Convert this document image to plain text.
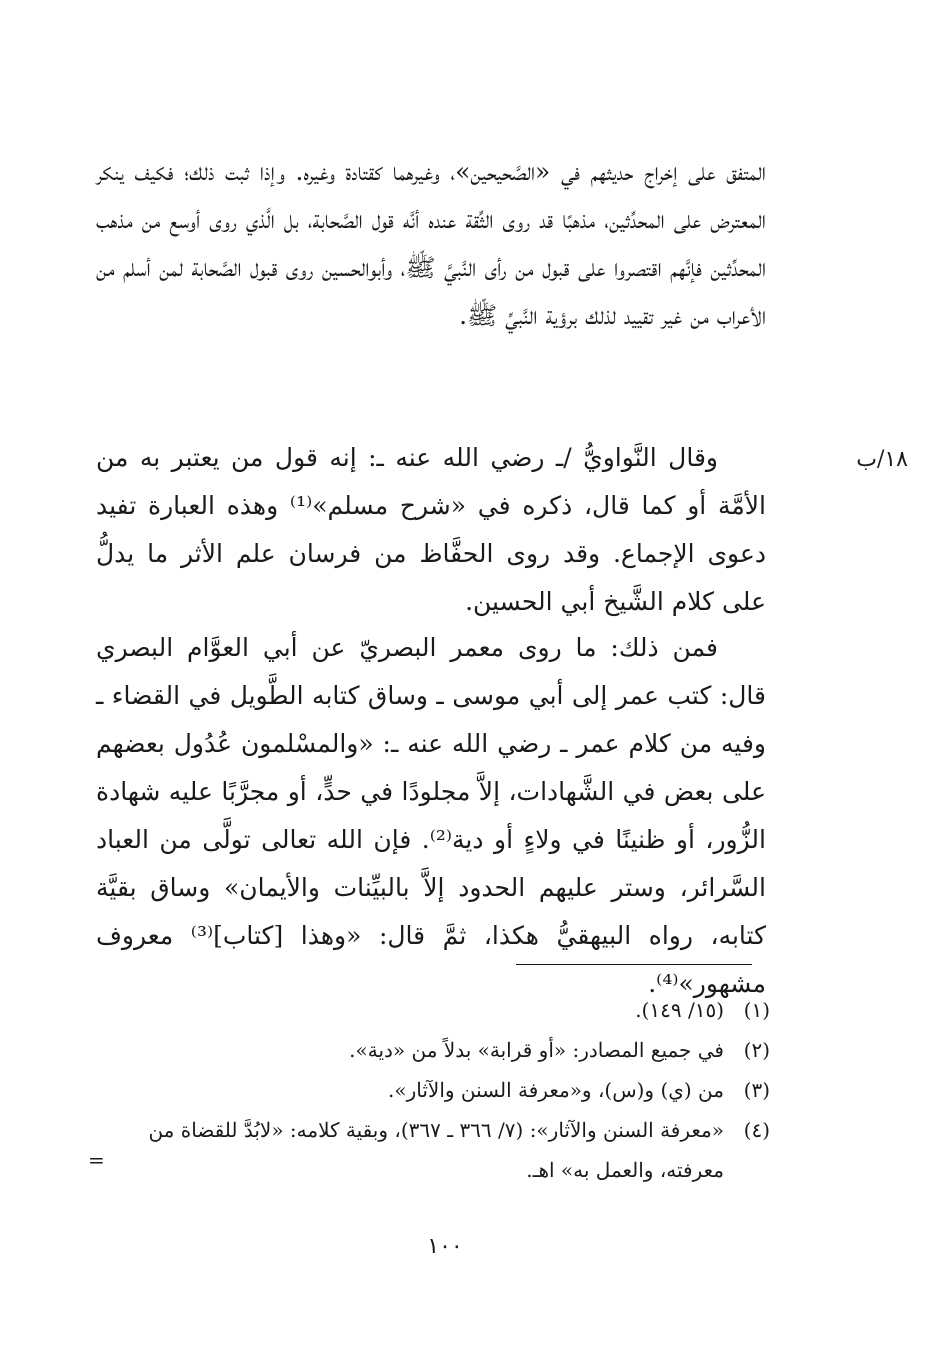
المتفق على إخراج حديثهم في «الصَّحيحين»، وغيرهما كقتادة وغيره. وإذا ثبت ذلك؛ فكيف ينكر المعترض على المحدِّثين، مذهبًا قد روى الثِّقة عنده أنَّه قول الصَّحابة، بل الَّذي روى أوسع من مذهب المحدِّثين فإنَّهم اقتصروا على قبول من رأى النَّبيَّ ﷺ، وأبوالحسين روى قبول الصَّحابة لمن أسلم من الأعراب من غير تقييد لذلك برؤية النَّبيِّ ﷺ.

وقال النَّواويُّ /ـ رضي الله عنه ـ: إنه قول من يعتبر به من الأمَّة أو كما قال، ذكره في «شرح مسلم»⁽¹⁾ وهذه العبارة تفيد دعوى الإجماع. وقد روى الحفَّاظ من فرسان علم الأثر ما يدلُّ على كلام الشَّيخ أبي الحسين.

فمن ذلك: ما روى معمر البصريّ عن أبي العوَّام البصري قال: كتب عمر إلى أبي موسى ـ وساق كتابه الطَّويل في القضاء ـ وفيه من كلام عمر ـ رضي الله عنه ـ: «والمسْلمون عُدُول بعضهم على بعض في الشَّهادات، إلاَّ مجلودًا في حدٍّ، أو مجرَّبًا عليه شهادة الزُّور، أو ظنينًا في ولاءٍ أو دية⁽²⁾. فإن الله تعالى تولَّى من العباد السَّرائر، وستر عليهم الحدود إلاَّ بالبيِّنات والأيمان» وساق بقيَّة كتابه، رواه البيهقيُّ هكذا، ثمَّ قال: «وهذا [كتاب]⁽³⁾ معروف مشهور»⁽⁴⁾.

١٨/ب
(١)
(١٥/ ١٤٩).
(٢)
في جميع المصادر: «أو قرابة» بدلاً من «دية».
(٣)
من (ي) و(س)، و«معرفة السنن والآثار».
(٤)
«معرفة السنن والآثار»: (٧/ ٣٦٦ ـ ٣٦٧)، وبقية كلامه: «لابُدَّ للقضاة من معرفته، والعمل به» اهـ.
=
١٠٠
